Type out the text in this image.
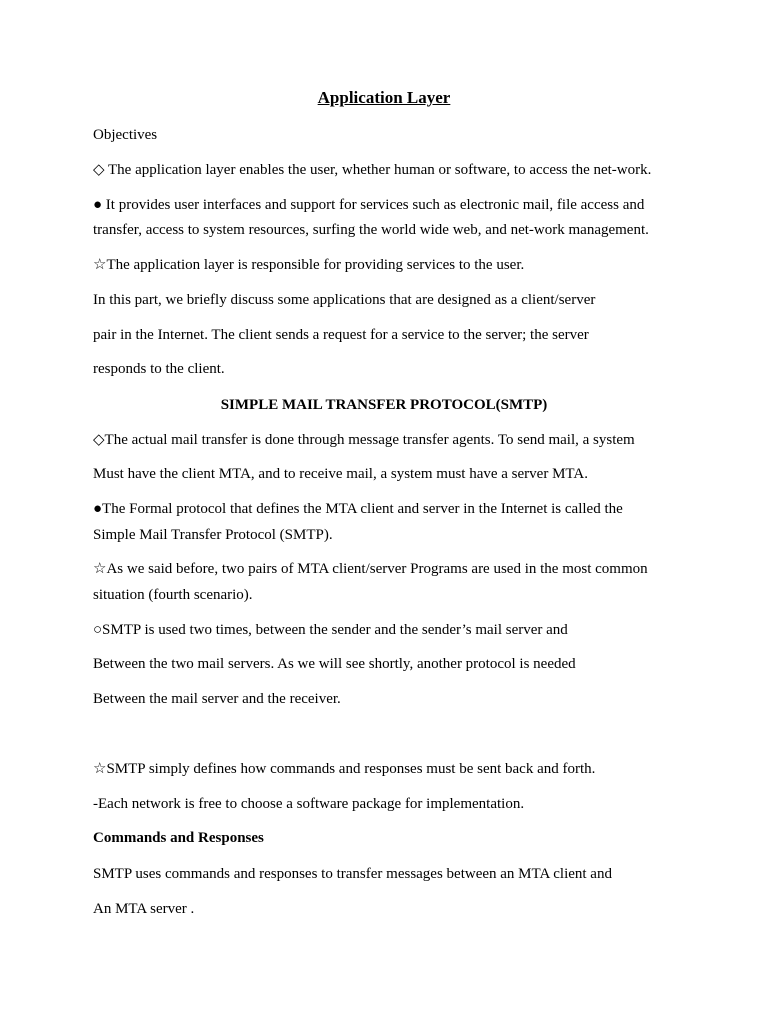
Application Layer
Objectives
◇ The application layer enables the user, whether human or software, to access the net-work.
● It provides user interfaces and support for services such as electronic mail, file access and
transfer, access to system resources, surfing the world wide web, and net-work management.
☆The application layer is responsible for providing services to the user.
In this part, we briefly discuss some applications that are designed as a client/server
pair in the Internet. The client sends a request for a service to the server; the server
responds to the client.
SIMPLE MAIL TRANSFER PROTOCOL(SMTP)
◇The actual mail transfer is done through message transfer agents. To send mail, a system
Must have the client MTA, and to receive mail, a system must have a server MTA.
●The Formal protocol that defines the MTA client and server in the Internet is called the
Simple Mail Transfer Protocol (SMTP).
☆As we said before, two pairs of MTA client/server Programs are used in the most common
situation (fourth scenario).
○SMTP is used two times, between the sender and the sender’s mail server and
Between the two mail servers. As we will see shortly, another protocol is needed
Between the mail server and the receiver.
☆SMTP simply defines how commands and responses must be sent back and forth.
-Each network is free to choose a software package for implementation.
Commands and Responses
SMTP uses commands and responses to transfer messages between an MTA client and
An MTA server .
